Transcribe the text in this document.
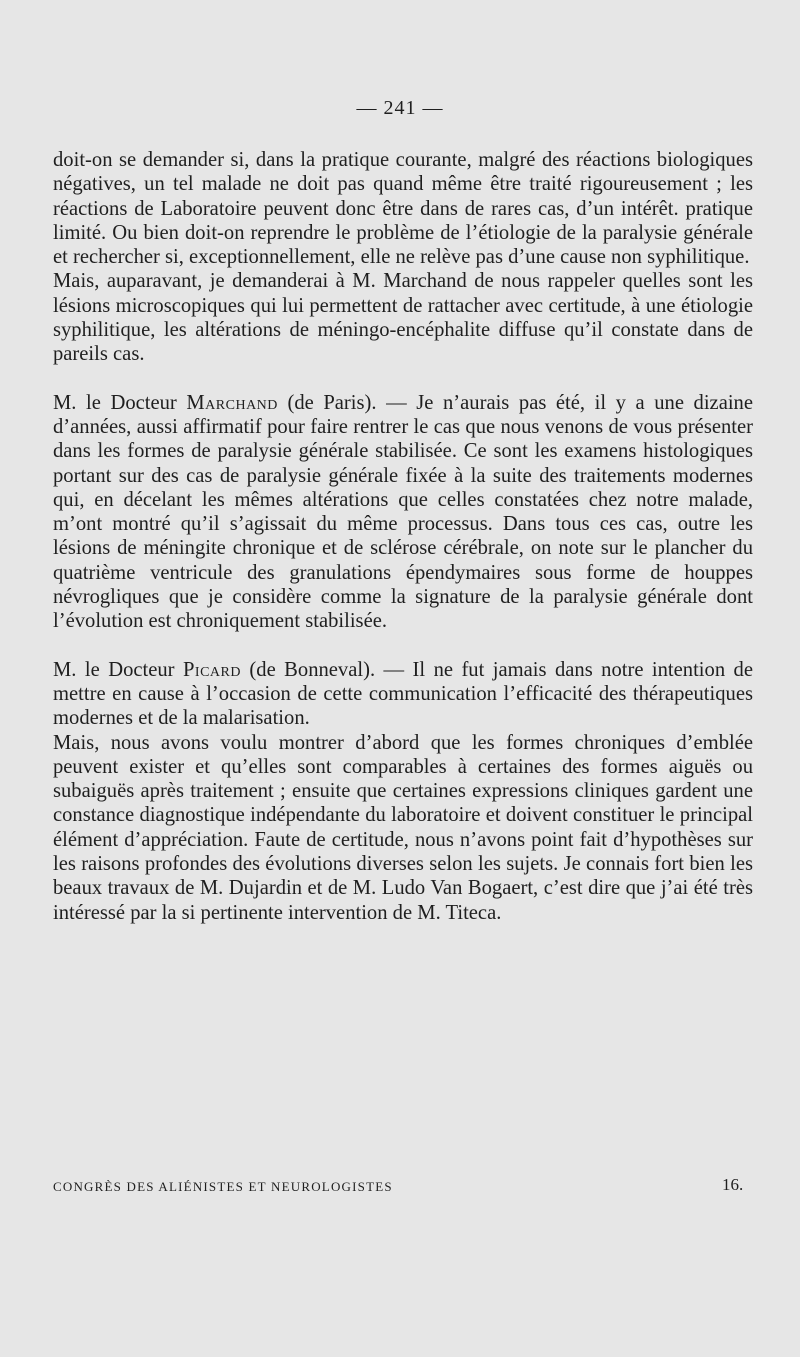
— 241 —

doit-on se demander si, dans la pratique courante, malgré des réactions biologiques négatives, un tel malade ne doit pas quand même être traité rigoureusement ; les réactions de Laboratoire peuvent donc être dans de rares cas, d’un intérêt. pratique limité. Ou bien doit-on reprendre le problème de l’étiologie de la paralysie générale et rechercher si, exceptionnellement, elle ne relève pas d’une cause non syphilitique.

Mais, auparavant, je demanderai à M. Marchand de nous rappeler quelles sont les lésions microscopiques qui lui permettent de rattacher avec certitude, à une étiologie syphilitique, les altérations de méningo-encéphalite diffuse qu’il constate dans de pareils cas.

M. le Docteur Marchand (de Paris). — Je n’aurais pas été, il y a une dizaine d’années, aussi affirmatif pour faire rentrer le cas que nous venons de vous présenter dans les formes de paralysie générale stabilisée. Ce sont les examens histologiques portant sur des cas de paralysie générale fixée à la suite des traitements modernes qui, en décelant les mêmes altérations que celles constatées chez notre malade, m’ont montré qu’il s’agissait du même processus. Dans tous ces cas, outre les lésions de méningite chronique et de sclérose cérébrale, on note sur le plancher du quatrième ventricule des granulations épendymaires sous forme de houppes névrogliques que je considère comme la signature de la paralysie générale dont l’évolution est chroniquement stabilisée.

M. le Docteur Picard (de Bonneval). — Il ne fut jamais dans notre intention de mettre en cause à l’occasion de cette communication l’efficacité des thérapeutiques modernes et de la malarisation.

Mais, nous avons voulu montrer d’abord que les formes chroniques d’emblée peuvent exister et qu’elles sont comparables à certaines des formes aiguës ou subaiguës après traitement ; ensuite que certaines expressions cliniques gardent une constance diagnostique indépendante du laboratoire et doivent constituer le principal élément d’appréciation. Faute de certitude, nous n’avons point fait d’hypothèses sur les raisons profondes des évolutions diverses selon les sujets. Je connais fort bien les beaux travaux de M. Dujardin et de M. Ludo Van Bogaert, c’est dire que j’ai été très intéressé par la si pertinente intervention de M. Titeca.

CONGRÈS DES ALIÉNISTES ET NEUROLOGISTES	16.
